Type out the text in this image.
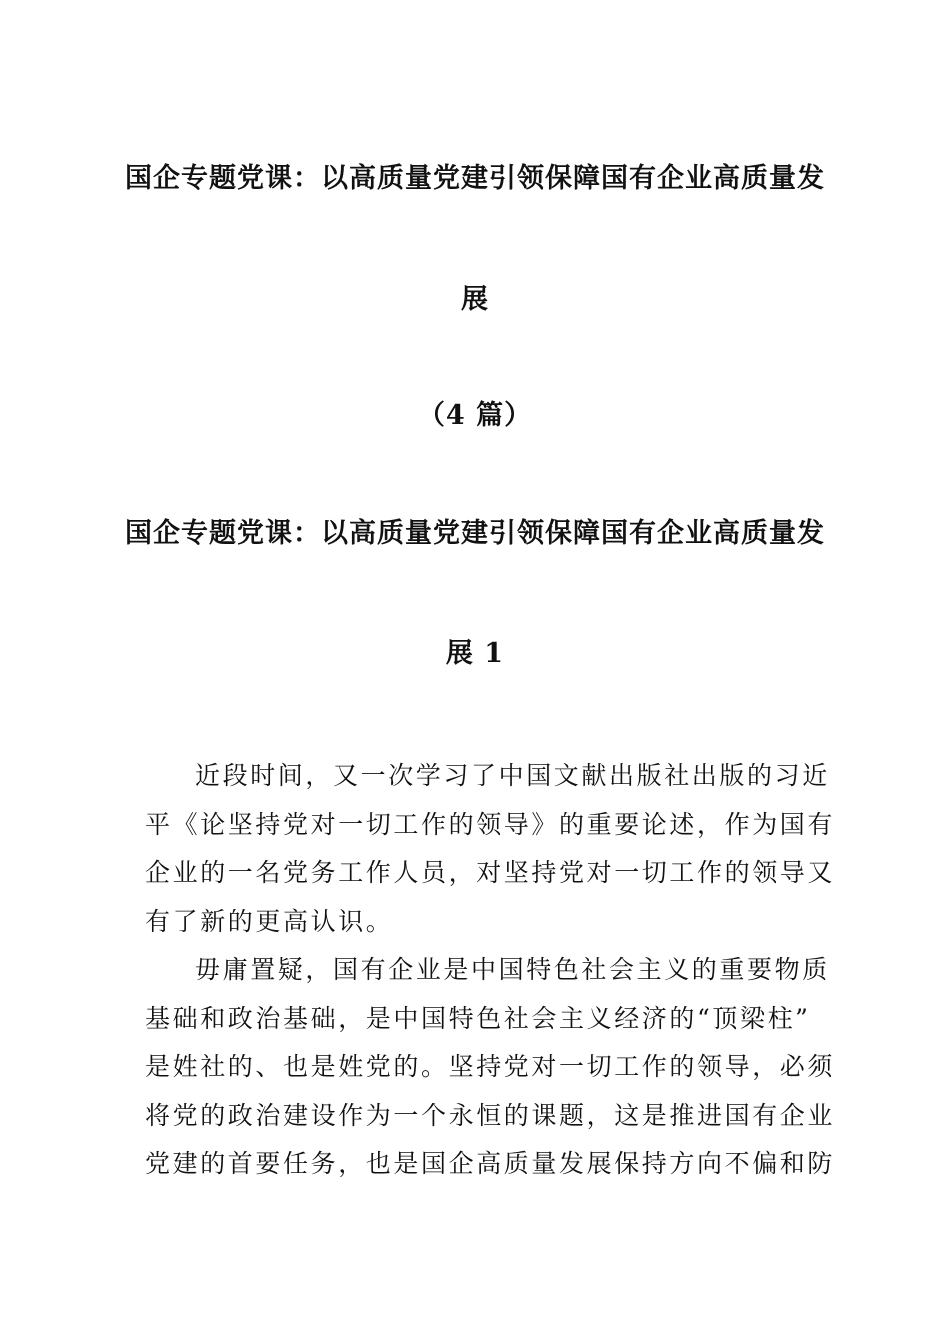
国企专题党课：以高质量党建引领保障国有企业高质量发
展
（4 篇）
国企专题党课：以高质量党建引领保障国有企业高质量发
展 1
近段时间，又一次学习了中国文献出版社出版的习近
平《论坚持党对一切工作的领导》的重要论述，作为国有
企业的一名党务工作人员，对坚持党对一切工作的领导又
有了新的更高认识。
毋庸置疑，国有企业是中国特色社会主义的重要物质
基础和政治基础，是中国特色社会主义经济的“顶梁柱”
是姓社的、也是姓党的。坚持党对一切工作的领导，必须
将党的政治建设作为一个永恒的课题，这是推进国有企业
党建的首要任务，也是国企高质量发展保持方向不偏和防
